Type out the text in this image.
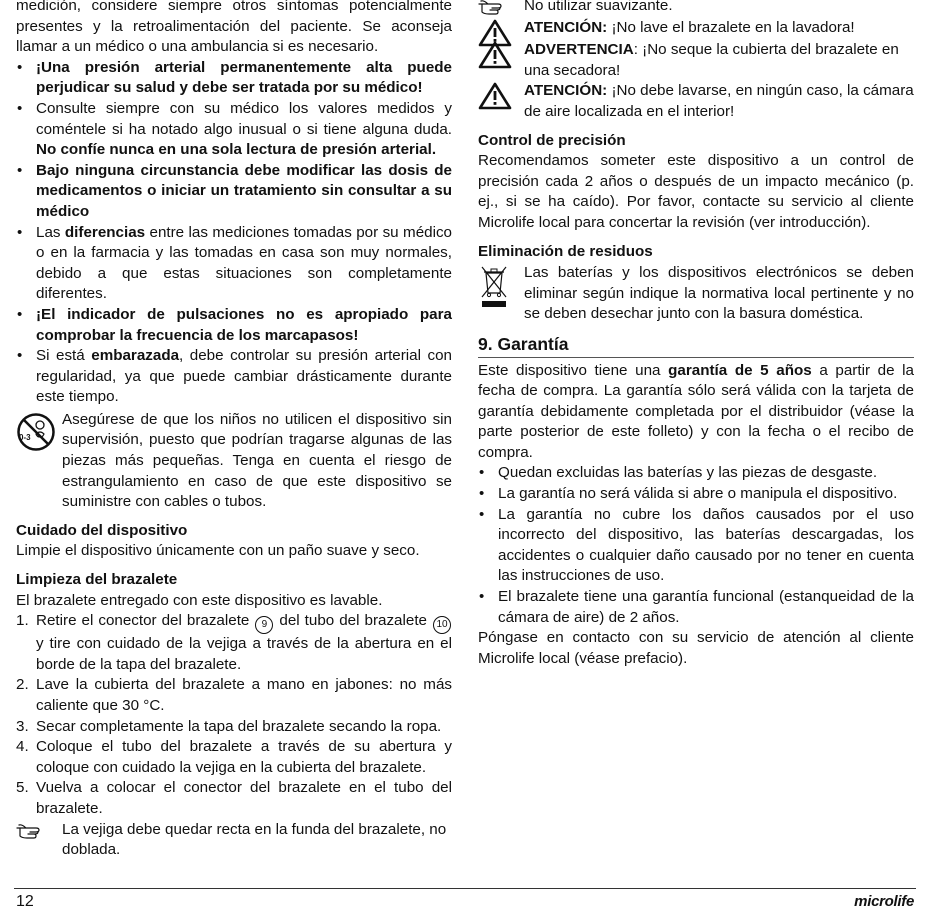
medición, considere siempre otros síntomas potencialmente presentes y la retroalimentación del paciente. Se aconseja llamar a un médico o una ambulancia si es necesario.

• ¡Una presión arterial permanentemente alta puede perjudicar su salud y debe ser tratada por su médico!
• Consulte siempre con su médico los valores medidos y coméntele si ha notado algo inusual o si tiene alguna duda. No confíe nunca en una sola lectura de presión arterial.
• Bajo ninguna circunstancia debe modificar las dosis de medicamentos o iniciar un tratamiento sin consultar a su médico
• Las diferencias entre las mediciones tomadas por su médico o en la farmacia y las tomadas en casa son muy normales, debido a que estas situaciones son completamente diferentes.
• ¡El indicador de pulsaciones no es apropiado para comprobar la frecuencia de los marcapasos!
• Si está embarazada, debe controlar su presión arterial con regularidad, ya que puede cambiar drásticamente durante este tiempo.
0-3

Asegúrese de que los niños no utilicen el dispositivo sin supervisión, puesto que podrían tragarse algunas de las piezas más pequeñas. Tenga en cuenta el riesgo de estrangulamiento en caso de que este dispositivo se suministre con cables o tubos.

Cuidado del dispositivo

Limpie el dispositivo únicamente con un paño suave y seco.

Limpieza del brazalete

El brazalete entregado con este dispositivo es lavable.

1. Retire el conector del brazalete 9 del tubo del brazalete 10 y tire con cuidado de la vejiga a través de la abertura en el borde de la tapa del brazalete.
2. Lave la cubierta del brazalete a mano en jabones: no más caliente que 30 °C.
3. Secar completamente la tapa del brazalete secando la ropa.
4. Coloque el tubo del brazalete a través de su abertura y coloque con cuidado la vejiga en la cubierta del brazalete.
5. Vuelva a colocar el conector del brazalete en el tubo del brazalete.

La vejiga debe quedar recta en la funda del brazalete, no doblada.

No utilizar suavizante.

ATENCIÓN: ¡No lave el brazalete en la lavadora!

ADVERTENCIA: ¡No seque la cubierta del brazalete en una secadora!

ATENCIÓN: ¡No debe lavarse, en ningún caso, la cámara de aire localizada en el interior!

Control de precisión

Recomendamos someter este dispositivo a un control de precisión cada 2 años o después de un impacto mecánico (p. ej., si se ha caído). Por favor, contacte su servicio al cliente Microlife local para concertar la revisión (ver introducción).

Eliminación de residuos

Las baterías y los dispositivos electrónicos se deben eliminar según indique la normativa local pertinente y no se deben desechar junto con la basura doméstica.

9. Garantía

Este dispositivo tiene una garantía de 5 años a partir de la fecha de compra. La garantía sólo será válida con la tarjeta de garantía debidamente completada por el distribuidor (véase la parte posterior de este folleto) y con la fecha o el recibo de compra.

• Quedan excluidas las baterías y las piezas de desgaste.
• La garantía no será válida si abre o manipula el dispositivo.
• La garantía no cubre los daños causados por el uso incorrecto del dispositivo, las baterías descargadas, los accidentes o cualquier daño causado por no tener en cuenta las instrucciones de uso.
• El brazalete tiene una garantía funcional (estanqueidad de la cámara de aire) de 2 años.

Póngase en contacto con su servicio de atención al cliente Microlife local (véase prefacio).

12	microlife
